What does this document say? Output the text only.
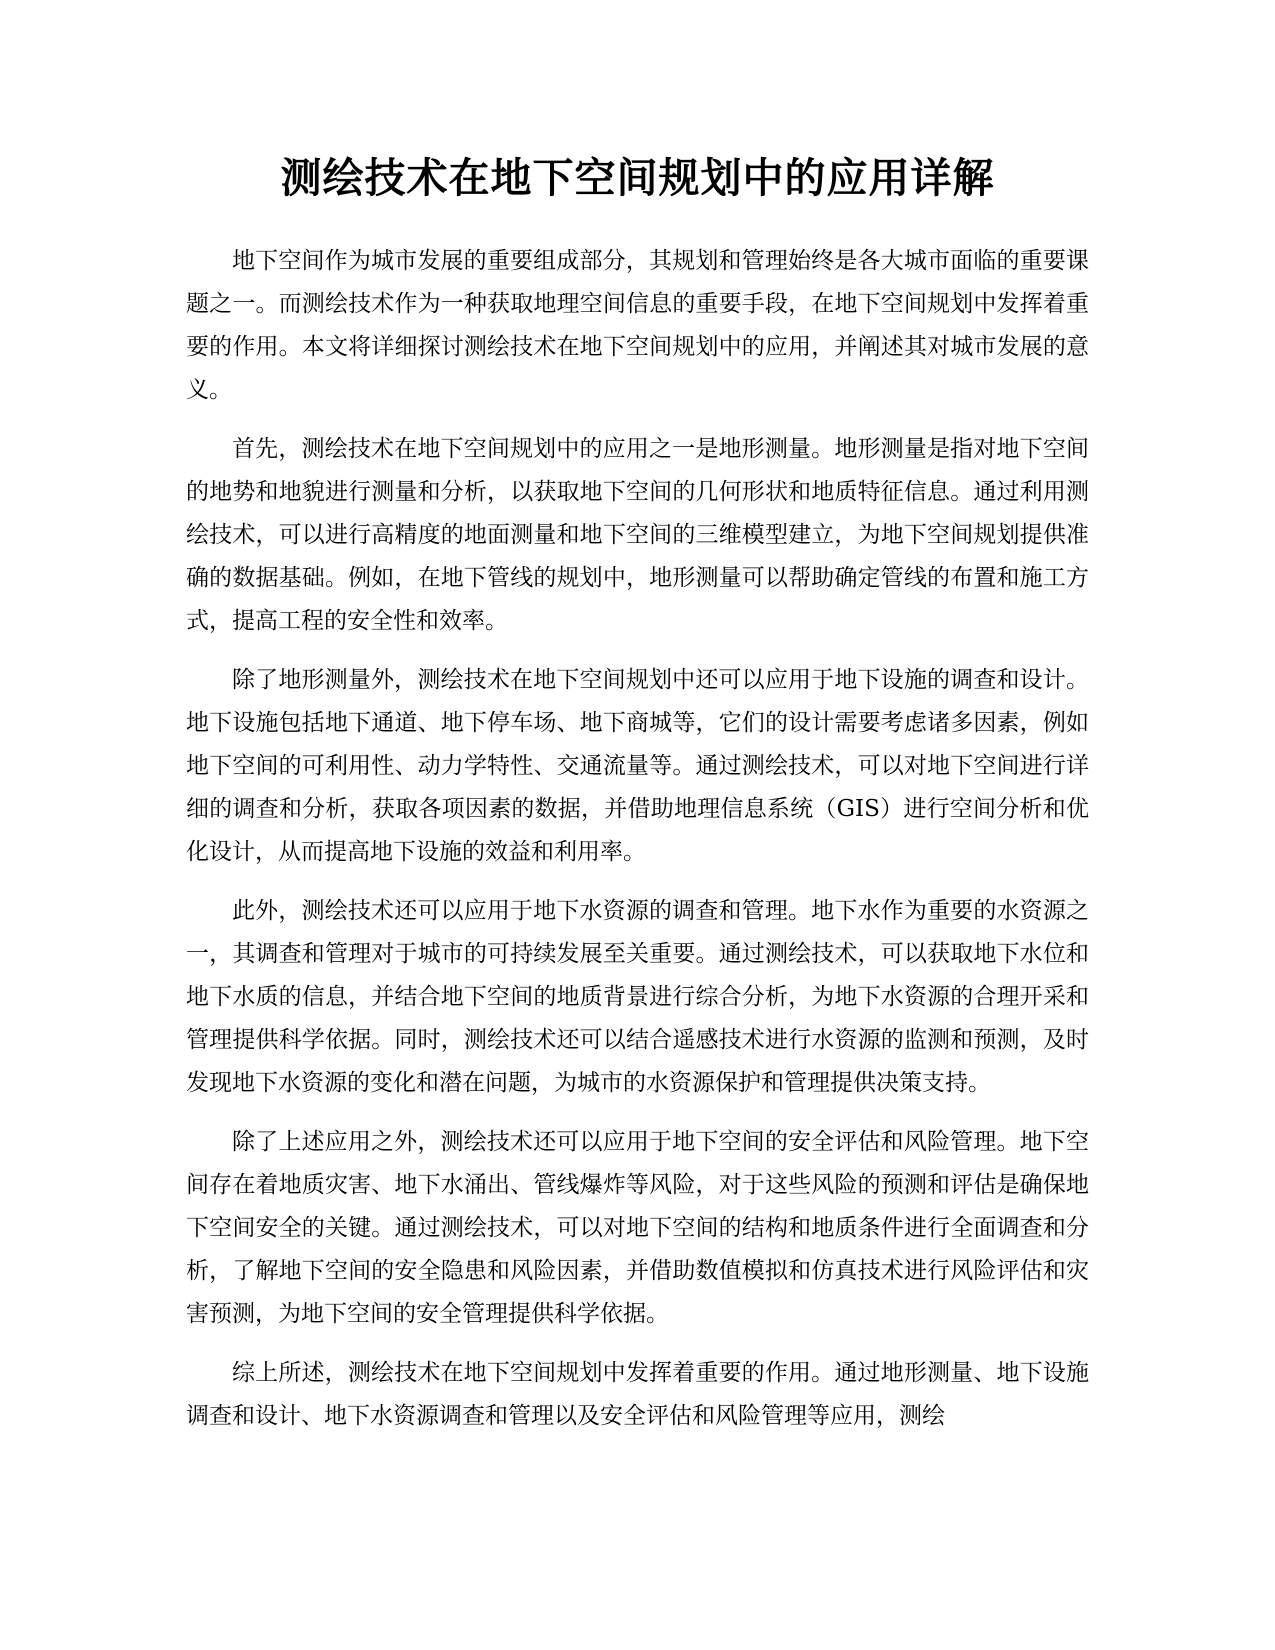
测绘技术在地下空间规划中的应用详解

地下空间作为城市发展的重要组成部分，其规划和管理始终是各大城市面临的重要课题之一。而测绘技术作为一种获取地理空间信息的重要手段，在地下空间规划中发挥着重要的作用。本文将详细探讨测绘技术在地下空间规划中的应用，并阐述其对城市发展的意义。

首先，测绘技术在地下空间规划中的应用之一是地形测量。地形测量是指对地下空间的地势和地貌进行测量和分析，以获取地下空间的几何形状和地质特征信息。通过利用测绘技术，可以进行高精度的地面测量和地下空间的三维模型建立，为地下空间规划提供准确的数据基础。例如，在地下管线的规划中，地形测量可以帮助确定管线的布置和施工方式，提高工程的安全性和效率。

除了地形测量外，测绘技术在地下空间规划中还可以应用于地下设施的调查和设计。地下设施包括地下通道、地下停车场、地下商城等，它们的设计需要考虑诸多因素，例如地下空间的可利用性、动力学特性、交通流量等。通过测绘技术，可以对地下空间进行详细的调查和分析，获取各项因素的数据，并借助地理信息系统（GIS）进行空间分析和优化设计，从而提高地下设施的效益和利用率。

此外，测绘技术还可以应用于地下水资源的调查和管理。地下水作为重要的水资源之一，其调查和管理对于城市的可持续发展至关重要。通过测绘技术，可以获取地下水位和地下水质的信息，并结合地下空间的地质背景进行综合分析，为地下水资源的合理开采和管理提供科学依据。同时，测绘技术还可以结合遥感技术进行水资源的监测和预测，及时发现地下水资源的变化和潜在问题，为城市的水资源保护和管理提供决策支持。

除了上述应用之外，测绘技术还可以应用于地下空间的安全评估和风险管理。地下空间存在着地质灾害、地下水涌出、管线爆炸等风险，对于这些风险的预测和评估是确保地下空间安全的关键。通过测绘技术，可以对地下空间的结构和地质条件进行全面调查和分析，了解地下空间的安全隐患和风险因素，并借助数值模拟和仿真技术进行风险评估和灾害预测，为地下空间的安全管理提供科学依据。

综上所述，测绘技术在地下空间规划中发挥着重要的作用。通过地形测量、地下设施调查和设计、地下水资源调查和管理以及安全评估和风险管理等应用，测绘
